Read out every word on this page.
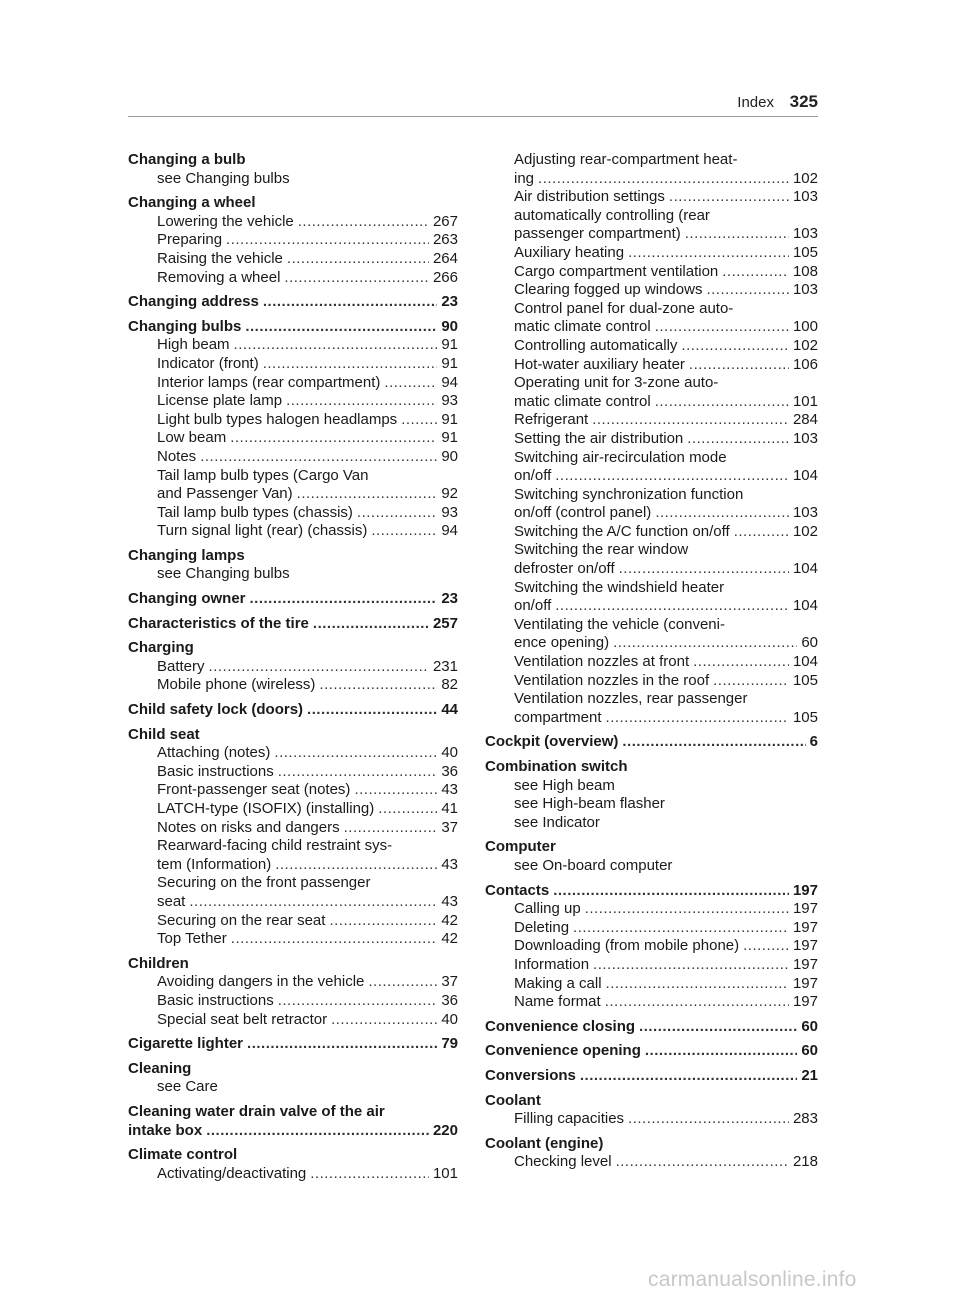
Index 325
Changing a bulb
see Changing bulbs
Changing a wheel
Lowering the vehicle .....	267
Preparing .....	263
Raising the vehicle .....	264
Removing a wheel .....	266
Changing address .....	23
Changing bulbs .....	90
High beam .....	91
Indicator (front) .....	91
Interior lamps (rear compartment) .....	94
License plate lamp .....	93
Light bulb types halogen headlamps .....	91
Low beam .....	91
Notes .....	90
Tail lamp bulb types (Cargo Van
and Passenger Van) .....	92
Tail lamp bulb types (chassis) .....	93
Turn signal light (rear) (chassis) .....	94
Changing lamps
see Changing bulbs
Changing owner .....	23
Characteristics of the tire .....	257
Charging
Battery .....	231
Mobile phone (wireless) .....	82
Child safety lock (doors) .....	44
Child seat
Attaching (notes) .....	40
Basic instructions .....	36
Front-passenger seat (notes) .....	43
LATCH-type (ISOFIX) (installing) .....	41
Notes on risks and dangers .....	37
Rearward-facing child restraint sys-
tem (Information) .....	43
Securing on the front passenger
seat .....	43
Securing on the rear seat .....	42
Top Tether .....	42
Children
Avoiding dangers in the vehicle .....	37
Basic instructions .....	36
Special seat belt retractor .....	40
Cigarette lighter .....	79
Cleaning
see Care
Cleaning water drain valve of the air
intake box .....	220
Climate control
Activating/deactivating .....	101
Adjusting rear-compartment heat-
ing .....	102
Air distribution settings .....	103
automatically controlling (rear
passenger compartment) .....	103
Auxiliary heating .....	105
Cargo compartment ventilation .....	108
Clearing fogged up windows .....	103
Control panel for dual-zone auto-
matic climate control .....	100
Controlling automatically .....	102
Hot-water auxiliary heater .....	106
Operating unit for 3-zone auto-
matic climate control .....	101
Refrigerant .....	284
Setting the air distribution .....	103
Switching air-recirculation mode
on/off .....	104
Switching synchronization function
on/off (control panel) .....	103
Switching the A/C function on/off .....	102
Switching the rear window
defroster on/off .....	104
Switching the windshield heater
on/off .....	104
Ventilating the vehicle (conveni-
ence opening) .....	60
Ventilation nozzles at front .....	104
Ventilation nozzles in the roof .....	105
Ventilation nozzles, rear passenger
compartment .....	105
Cockpit (overview) .....	6
Combination switch
see High beam
see High-beam flasher
see Indicator
Computer
see On-board computer
Contacts .....	197
Calling up .....	197
Deleting .....	197
Downloading (from mobile phone) .....	197
Information .....	197
Making a call .....	197
Name format .....	197
Convenience closing .....	60
Convenience opening .....	60
Conversions .....	21
Coolant
Filling capacities .....	283
Coolant (engine)
Checking level .....	218
carmanualsonline.info
